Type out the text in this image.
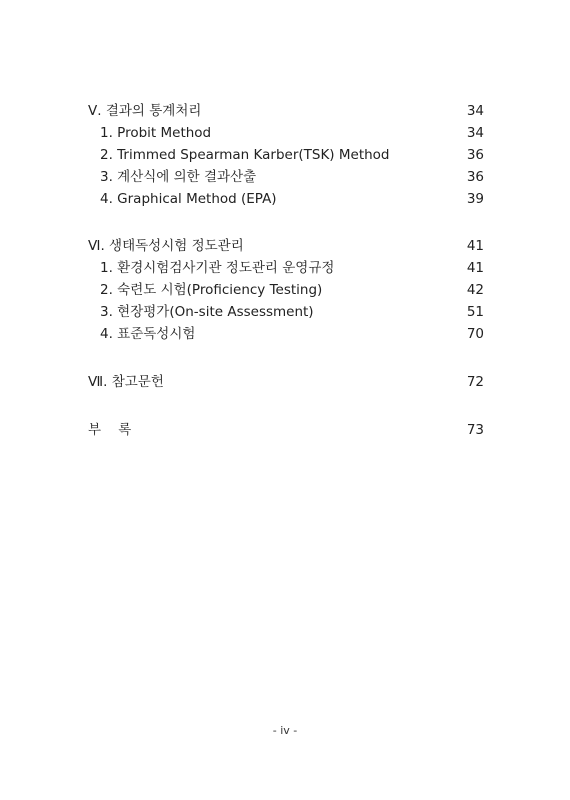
Ⅴ. 결과의 통계처리	34
1. Probit Method	34
2. Trimmed Spearman Karber(TSK) Method	36
3. 계산식에 의한 결과산출	36
4. Graphical Method (EPA)	39
Ⅵ. 생태독성시험 정도관리	41
1. 환경시험검사기관 정도관리 운영규정	41
2. 숙련도 시험(Proficiency Testing)	42
3. 현장평가(On-site Assessment)	51
4. 표준독성시험	70
Ⅶ. 참고문헌	72
부    록	73
- iv -
